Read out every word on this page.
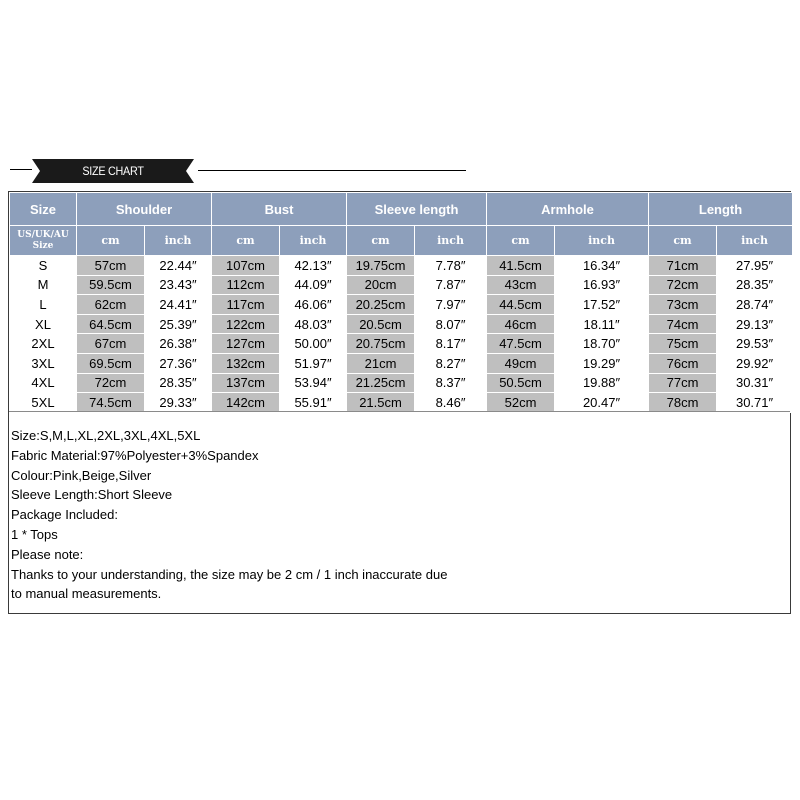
SIZE CHART
Size	Shoulder		Bust		Sleeve length		Armhole		Length	

US/UK/AU
Size	cm	inch	cm	inch	cm	inch	cm	inch	cm	inch
S	57cm	22.44″	107cm	42.13″	19.75cm	7.78″	41.5cm	16.34″	71cm	27.95″
M	59.5cm	23.43″	112cm	44.09″	20cm	7.87″	43cm	16.93″	72cm	28.35″
L	62cm	24.41″	117cm	46.06″	20.25cm	7.97″	44.5cm	17.52″	73cm	28.74″
XL	64.5cm	25.39″	122cm	48.03″	20.5cm	8.07″	46cm	18.11″	74cm	29.13″
2XL	67cm	26.38″	127cm	50.00″	20.75cm	8.17″	47.5cm	18.70″	75cm	29.53″
3XL	69.5cm	27.36″	132cm	51.97″	21cm	8.27″	49cm	19.29″	76cm	29.92″
4XL	72cm	28.35″	137cm	53.94″	21.25cm	8.37″	50.5cm	19.88″	77cm	30.31″
5XL	74.5cm	29.33″	142cm	55.91″	21.5cm	8.46″	52cm	20.47″	78cm	30.71″
Size:S,M,L,XL,2XL,3XL,4XL,5XL
Fabric Material:97%Polyester+3%Spandex
Colour:Pink,Beige,Silver
Sleeve Length:Short Sleeve
Package Included:
1 * Tops
Please note:
Thanks to your understanding, the size may be 2 cm / 1 inch inaccurate due
to manual measurements.
